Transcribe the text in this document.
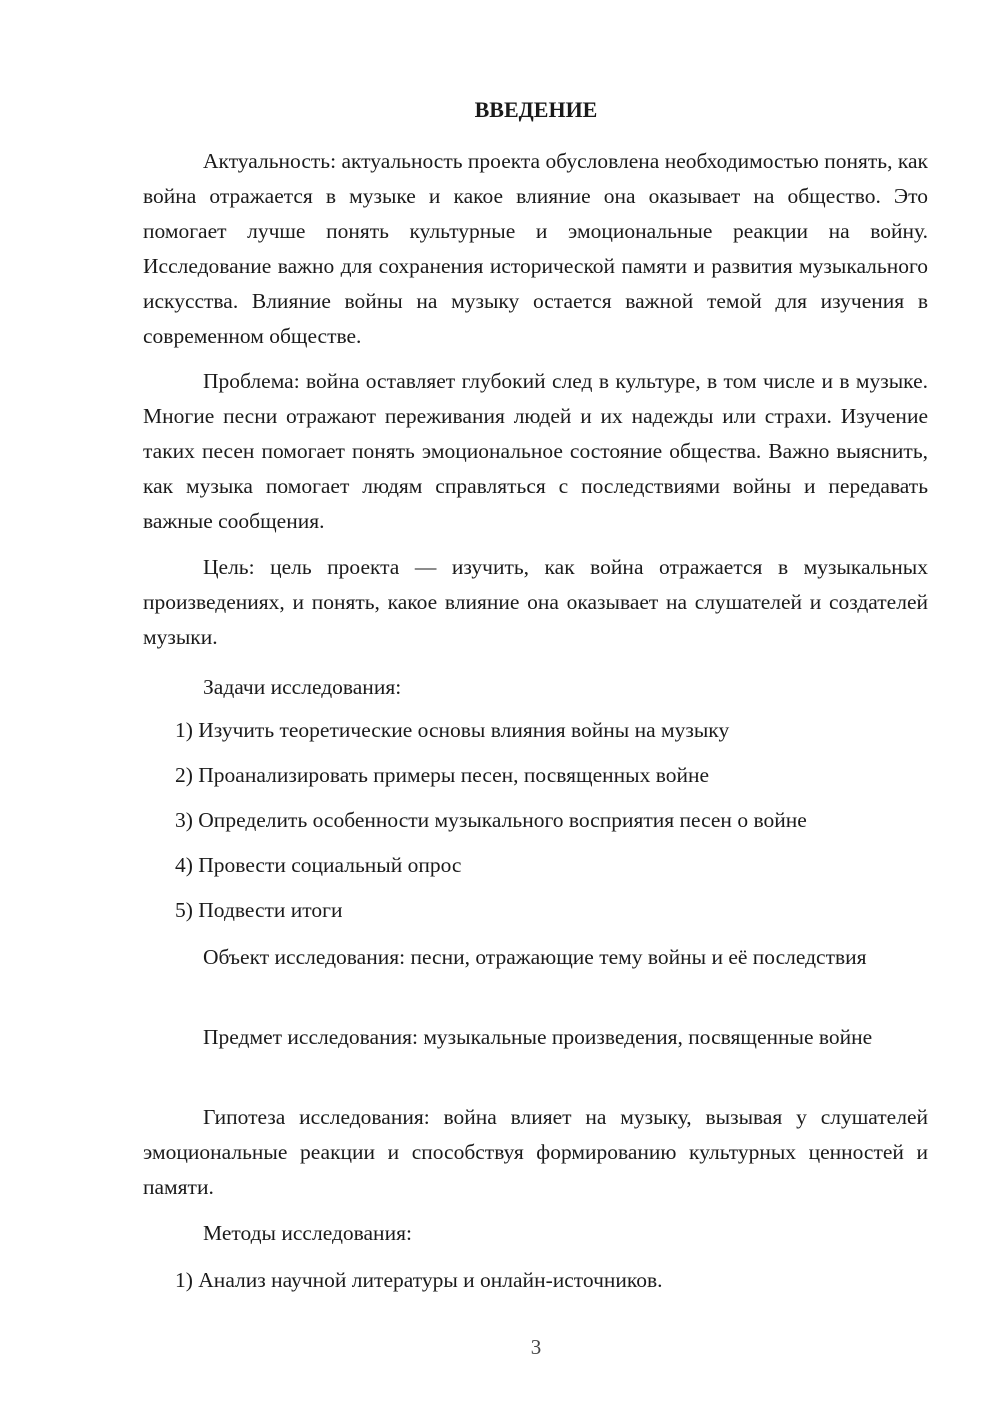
ВВЕДЕНИЕ

Актуальность: актуальность проекта обусловлена необходимостью понять, как война отражается в музыке и какое влияние она оказывает на общество. Это помогает лучше понять культурные и эмоциональные реакции на войну. Исследование важно для сохранения исторической памяти и развития музыкального искусства. Влияние войны на музыку остается важной темой для изучения в современном обществе.

Проблема: война оставляет глубокий след в культуре, в том числе и в музыке. Многие песни отражают переживания людей и их надежды или страхи. Изучение таких песен помогает понять эмоциональное состояние общества. Важно выяснить, как музыка помогает людям справляться с последствиями войны и передавать важные сообщения.

Цель: цель проекта — изучить, как война отражается в музыкальных произведениях, и понять, какое влияние она оказывает на слушателей и создателей музыки.

Задачи исследования:

1) Изучить теоретические основы влияния войны на музыку

2) Проанализировать примеры песен, посвященных войне

3) Определить особенности музыкального восприятия песен о войне

4) Провести социальный опрос

5) Подвести итоги

Объект исследования: песни, отражающие тему войны и её последствия

Предмет исследования: музыкальные произведения, посвященные войне

Гипотеза исследования: война влияет на музыку, вызывая у слушателей эмоциональные реакции и способствуя формированию культурных ценностей и памяти.

Методы исследования:

1) Анализ научной литературы и онлайн-источников.

3
